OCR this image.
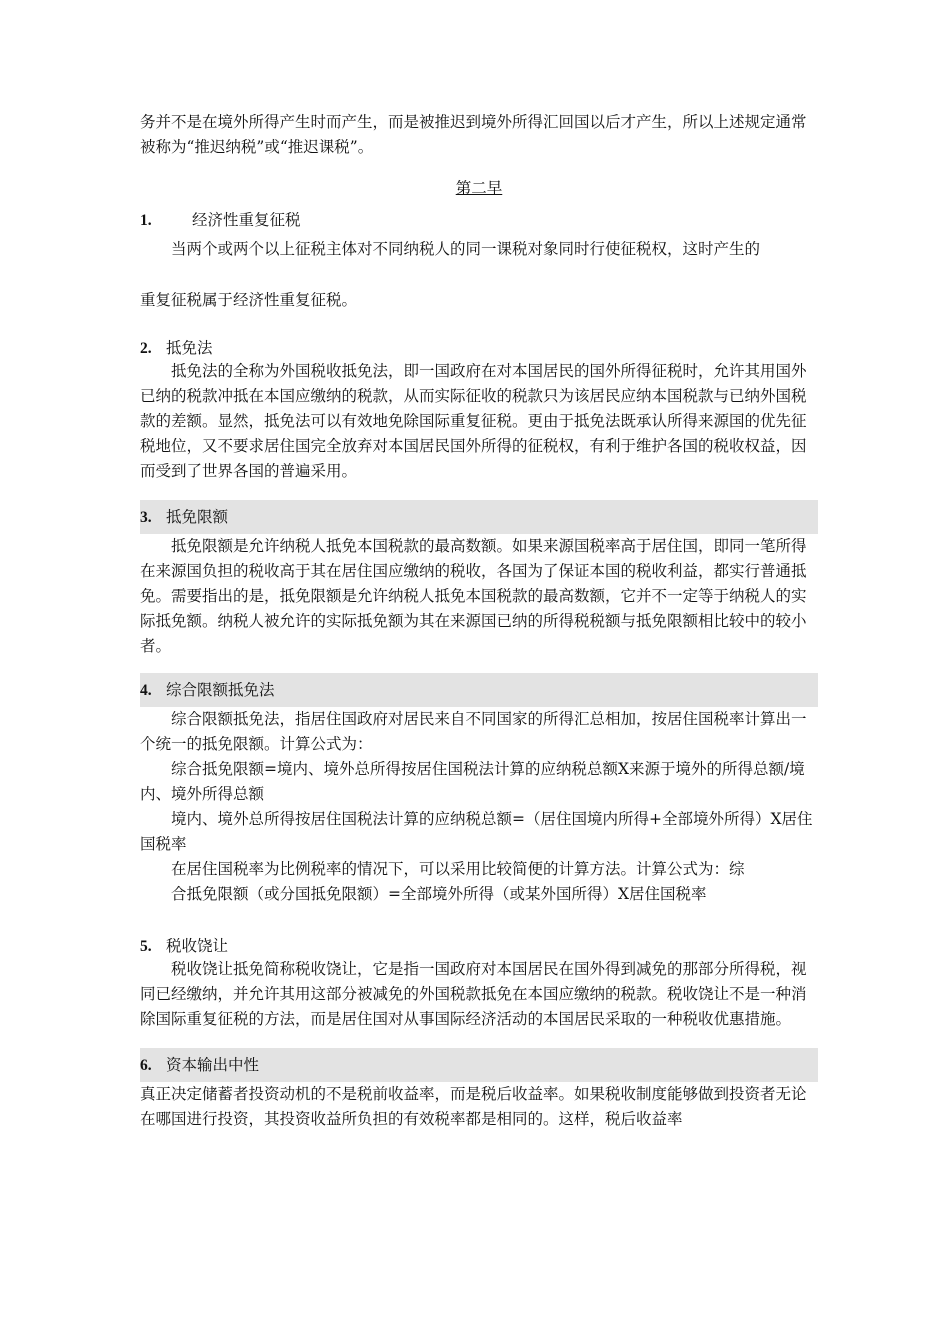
务并不是在境外所得产生时而产生，而是被推迟到境外所得汇回国以后才产生，所以上述规定通常被称为“推迟纳税”或“推迟课税”。

第二早

1.	经济性重复征税

当两个或两个以上征税主体对不同纳税人的同一课税对象同时行使征税权，这时产生的

重复征税属于经济性重复征税。

2. 抵免法

抵免法的全称为外国税收抵免法，即一国政府在对本国居民的国外所得征税时，允许其用国外已纳的税款冲抵在本国应缴纳的税款，从而实际征收的税款只为该居民应纳本国税款与已纳外国税款的差额。显然，抵免法可以有效地免除国际重复征税。更由于抵免法既承认所得来源国的优先征税地位，又不要求居住国完全放弃对本国居民国外所得的征税权，有利于维护各国的税收权益，因而受到了世界各国的普遍采用。

3. 抵免限额

抵免限额是允许纳税人抵免本国税款的最高数额。如果来源国税率高于居住国，即同一笔所得在来源国负担的税收高于其在居住国应缴纳的税收，各国为了保证本国的税收利益，都实行普通抵免。需要指出的是，抵免限额是允许纳税人抵免本国税款的最高数额，它并不一定等于纳税人的实际抵免额。纳税人被允许的实际抵免额为其在来源国已纳的所得税税额与抵免限额相比较中的较小者。

4. 综合限额抵免法

综合限额抵免法，指居住国政府对居民来自不同国家的所得汇总相加，按居住国税率计算出一个统一的抵免限额。计算公式为：

综合抵免限额=境内、境外总所得按居住国税法计算的应纳税总额X来源于境外的所得总额/境内、境外所得总额

境内、境外总所得按居住国税法计算的应纳税总额=（居住国境内所得+全部境外所得）X居住国税率

在居住国税率为比例税率的情况下，可以采用比较简便的计算方法。计算公式为：综

合抵免限额（或分国抵免限额）=全部境外所得（或某外国所得）X居住国税率

5. 税收饶让

税收饶让抵免简称税收饶让，它是指一国政府对本国居民在国外得到减免的那部分所得税，视同已经缴纳，并允许其用这部分被减免的外国税款抵免在本国应缴纳的税款。税收饶让不是一种消除国际重复征税的方法，而是居住国对从事国际经济活动的本国居民采取的一种税收优惠措施。

6. 资本输出中性

真正决定储蓄者投资动机的不是税前收益率，而是税后收益率。如果税收制度能够做到投资者无论在哪国进行投资，其投资收益所负担的有效税率都是相同的。这样，税后收益率
